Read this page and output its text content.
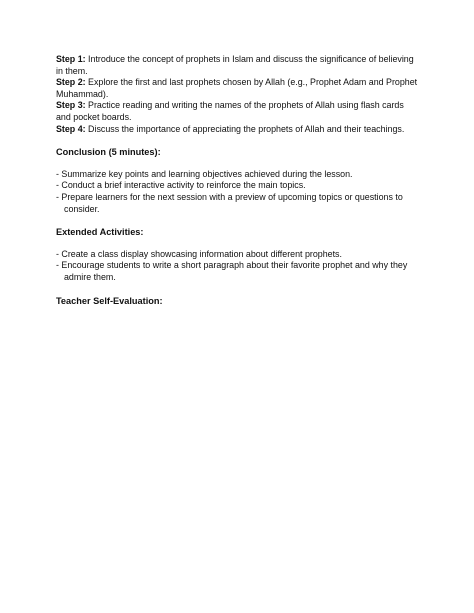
Step 1: Introduce the concept of prophets in Islam and discuss the significance of believing in them.

Step 2: Explore the first and last prophets chosen by Allah (e.g., Prophet Adam and Prophet Muhammad).

Step 3: Practice reading and writing the names of the prophets of Allah using flash cards and pocket boards.

Step 4: Discuss the importance of appreciating the prophets of Allah and their teachings.

Conclusion (5 minutes):

- Summarize key points and learning objectives achieved during the lesson.

- Conduct a brief interactive activity to reinforce the main topics.

- Prepare learners for the next session with a preview of upcoming topics or questions to consider.

Extended Activities:

- Create a class display showcasing information about different prophets.

- Encourage students to write a short paragraph about their favorite prophet and why they admire them.

Teacher Self-Evaluation:
